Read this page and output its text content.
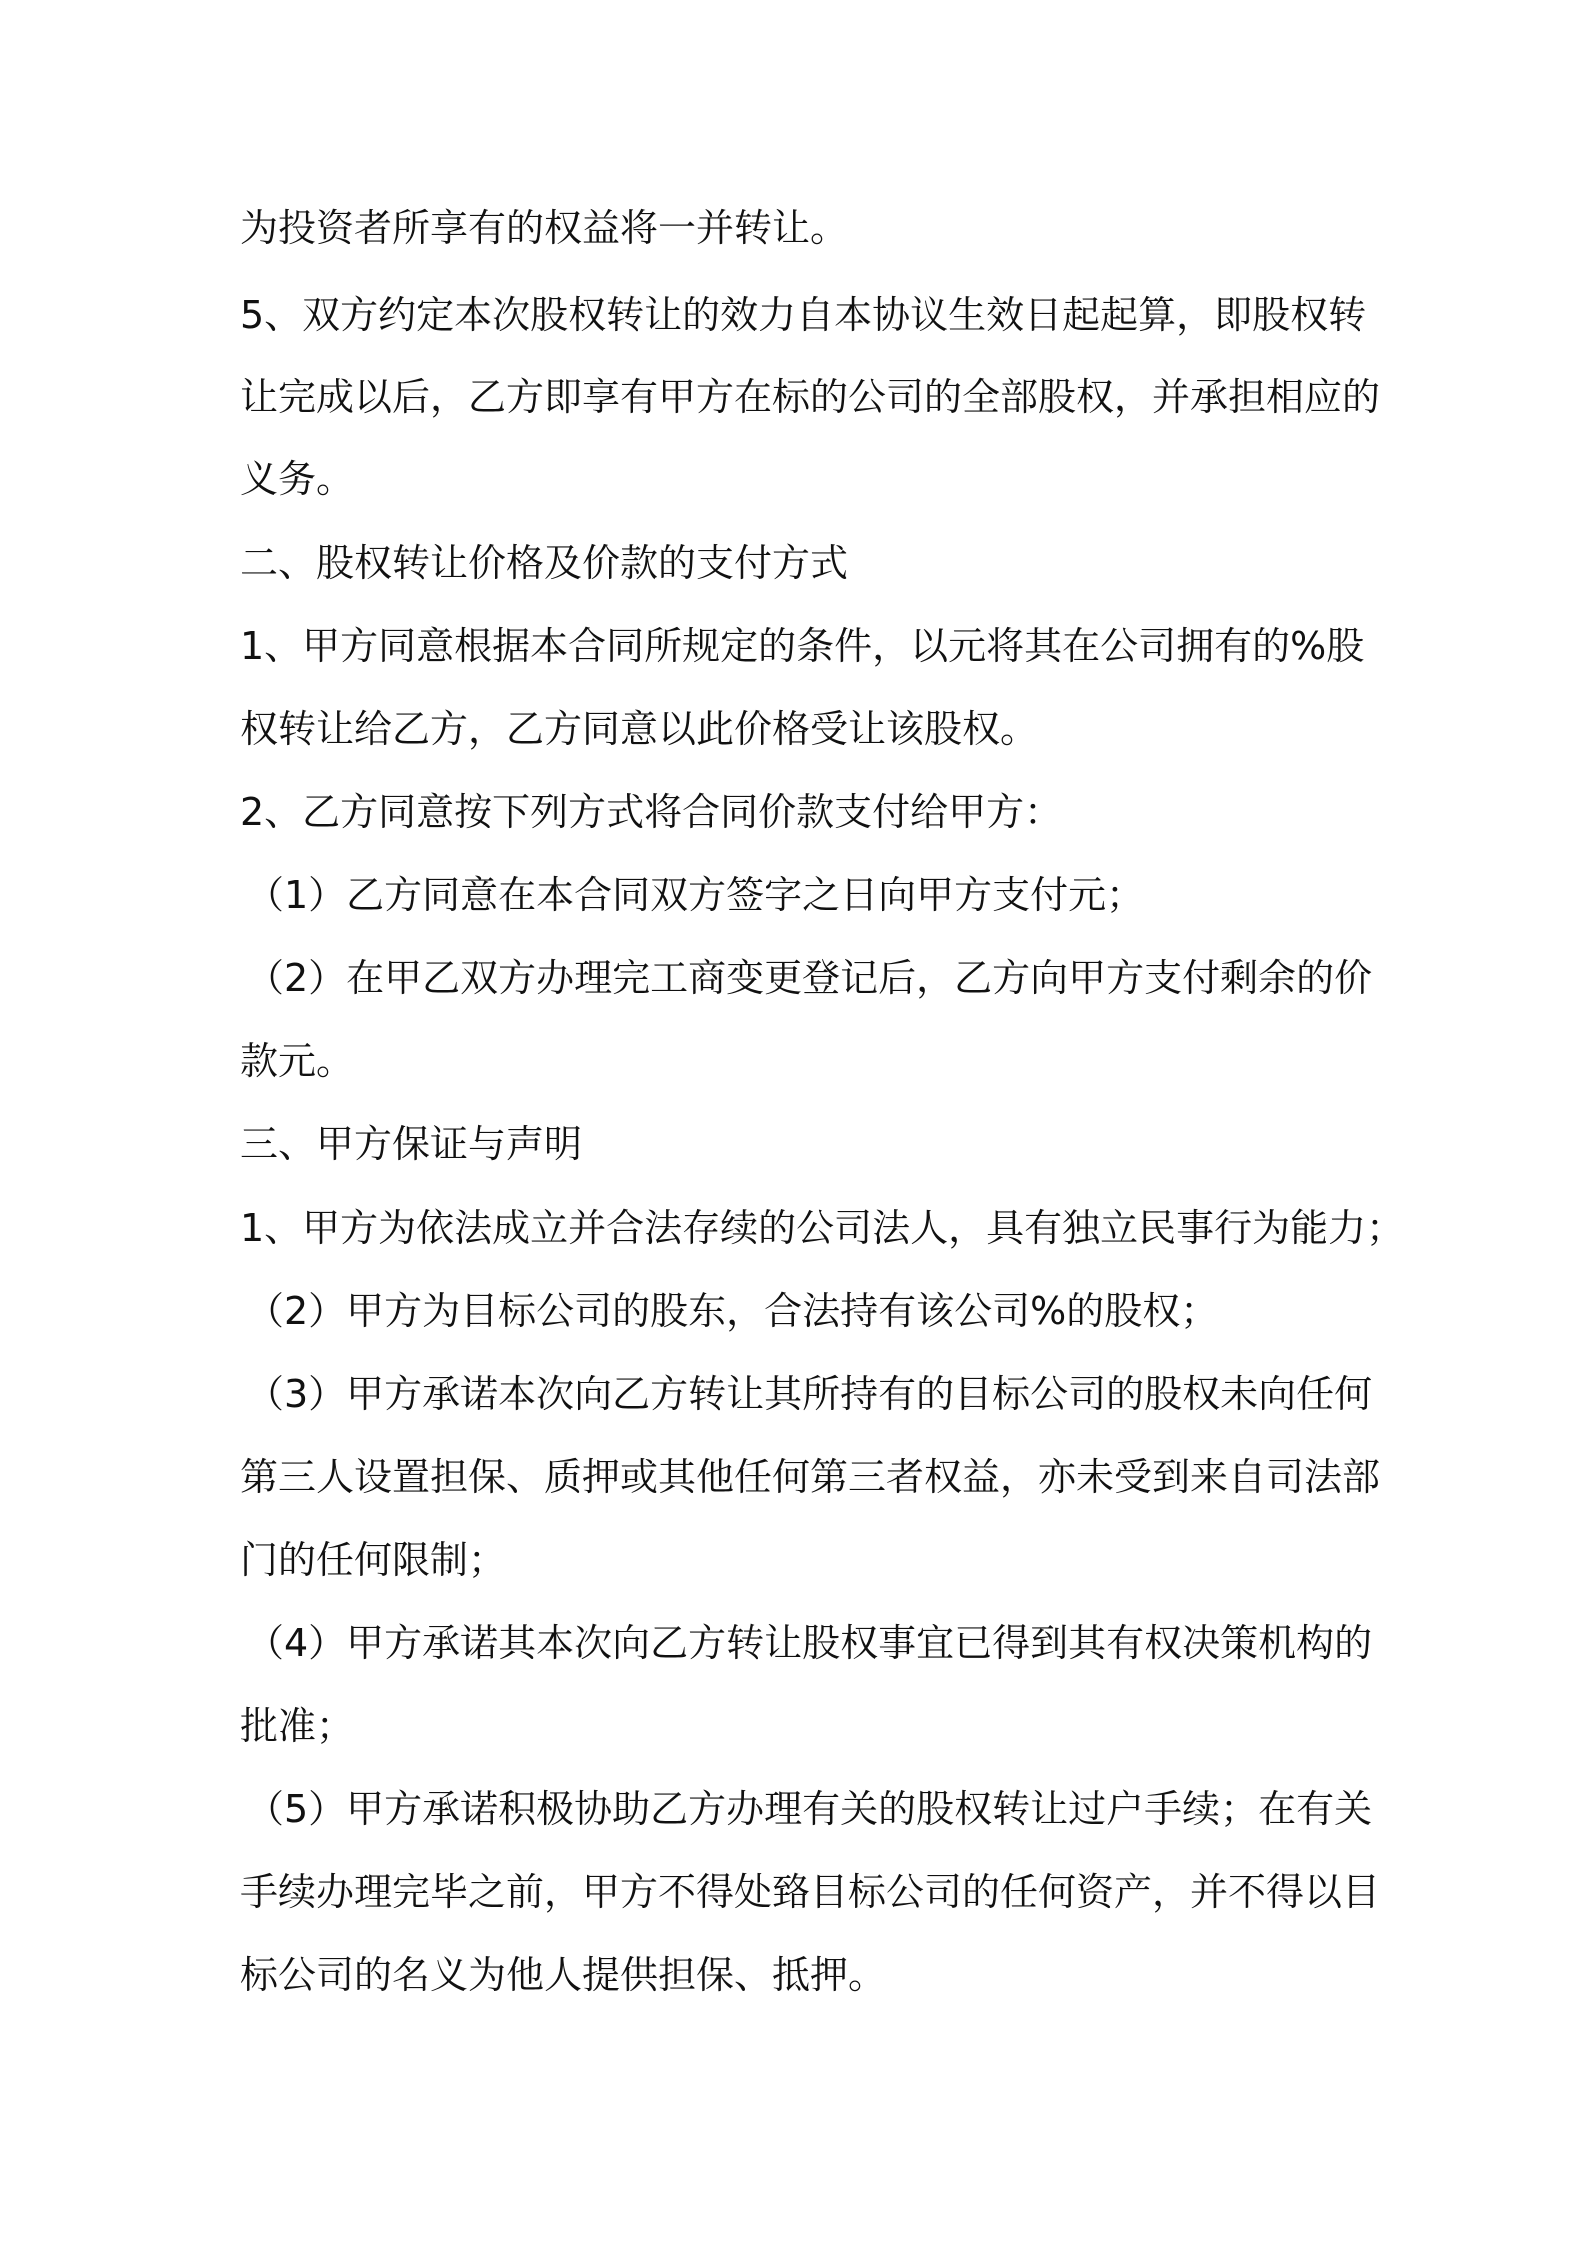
为投资者所享有的权益将一并转让。

5、双方约定本次股权转让的效力自本协议生效日起起算，即股权转

让完成以后，乙方即享有甲方在标的公司的全部股权，并承担相应的

义务。

二、股权转让价格及价款的支付方式

1、甲方同意根据本合同所规定的条件，以元将其在公司拥有的%股

权转让给乙方，乙方同意以此价格受让该股权。

2、乙方同意按下列方式将合同价款支付给甲方：

（1）乙方同意在本合同双方签字之日向甲方支付元；

（2）在甲乙双方办理完工商变更登记后，乙方向甲方支付剩余的价

款元。

三、甲方保证与声明

1、甲方为依法成立并合法存续的公司法人，具有独立民事行为能力；

（2）甲方为目标公司的股东，合法持有该公司%的股权；

（3）甲方承诺本次向乙方转让其所持有的目标公司的股权未向任何

第三人设置担保、质押或其他任何第三者权益，亦未受到来自司法部

门的任何限制；

（4）甲方承诺其本次向乙方转让股权事宜已得到其有权决策机构的

批准；

（5）甲方承诺积极协助乙方办理有关的股权转让过户手续；在有关

手续办理完毕之前，甲方不得处臵目标公司的任何资产，并不得以目

标公司的名义为他人提供担保、抵押。
